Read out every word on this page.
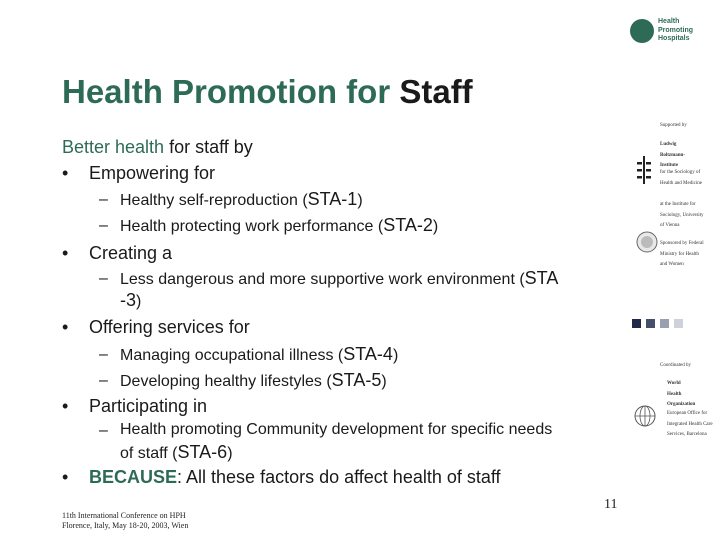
Health
Promoting
Hospitals
Health Promotion for Staff
Better health for staff by
• Empowering for
– Healthy self-reproduction (STA-1)
– Health protecting work performance (STA-2)
• Creating a
– Less dangerous and more supportive work environment (STA
-3)
• Offering services for
– Managing occupational illness (STA-4)
– Developing healthy lifestyles (STA-5)
• Participating in
– Health promoting Community development for specific needs
of staff (STA-6)
• BECAUSE: All these factors do affect health of staff
Supported by
Ludwig
Boltzmann-
Institute
for the Sociology of
Health and Medicine
at the Institute for
Sociology, University
of Vienna
Sponsored by Federal
Ministry for Health
and Women
Coordinated by
World
Health
Organization
European Office for
Integrated Health Care
Services, Barcelona
11
11th International Conference on HPH
Florence, Italy, May 18-20, 2003, Wien
